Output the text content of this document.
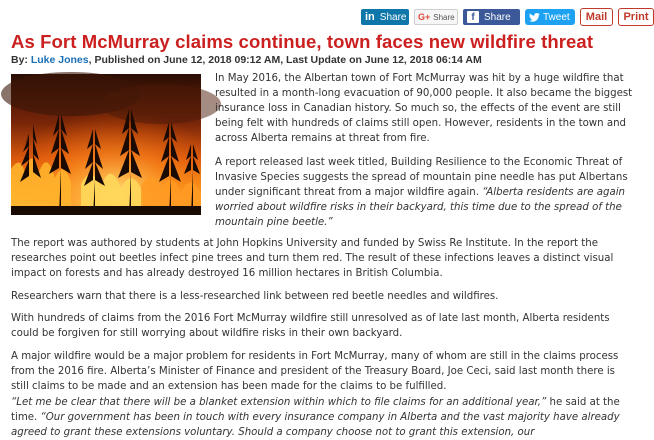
in Share G+ Share	f Share	Tweet	Mail	Print
As Fort McMurray claims continue, town faces new wildfire threat
By: Luke Jones, Published on June 12, 2018 09:12 AM, Last Update on June 12, 2018 06:14 AM

In May 2016, the Albertan town of Fort McMurray was hit by a huge wildfire that resulted in a month-long evacuation of 90,000 people. It also became the biggest insurance loss in Canadian history. So much so, the effects of the event are still being felt with hundreds of claims still open. However, residents in the town and across Alberta remains at threat from fire.

A report released last week titled, Building Resilience to the Economic Threat of Invasive Species suggests the spread of mountain pine needle has put Albertans under significant threat from a major wildfire again. “Alberta residents are again worried about wildfire risks in their backyard, this time due to the spread of the mountain pine beetle.”

The report was authored by students at John Hopkins University and funded by Swiss Re Institute. In the report the researches point out beetles infect pine trees and turn them red. The result of these infections leaves a distinct visual impact on forests and has already destroyed 16 million hectares in British Columbia.

Researchers warn that there is a less-researched link between red beetle needles and wildfires.

With hundreds of claims from the 2016 Fort McMurray wildfire still unresolved as of late last month, Alberta residents could be forgiven for still worrying about wildfire risks in their own backyard.

A major wildfire would be a major problem for residents in Fort McMurray, many of whom are still in the claims process from the 2016 fire. Alberta’s Minister of Finance and president of the Treasury Board, Joe Ceci, said last month there is still claims to be made and an extension has been made for the claims to be fulfilled.

“Let me be clear that there will be a blanket extension within which to file claims for an additional year,” he said at the time. “Our government has been in touch with every insurance company in Alberta and the vast majority have already agreed to grant these extensions voluntary. Should a company choose not to grant this extension, our
